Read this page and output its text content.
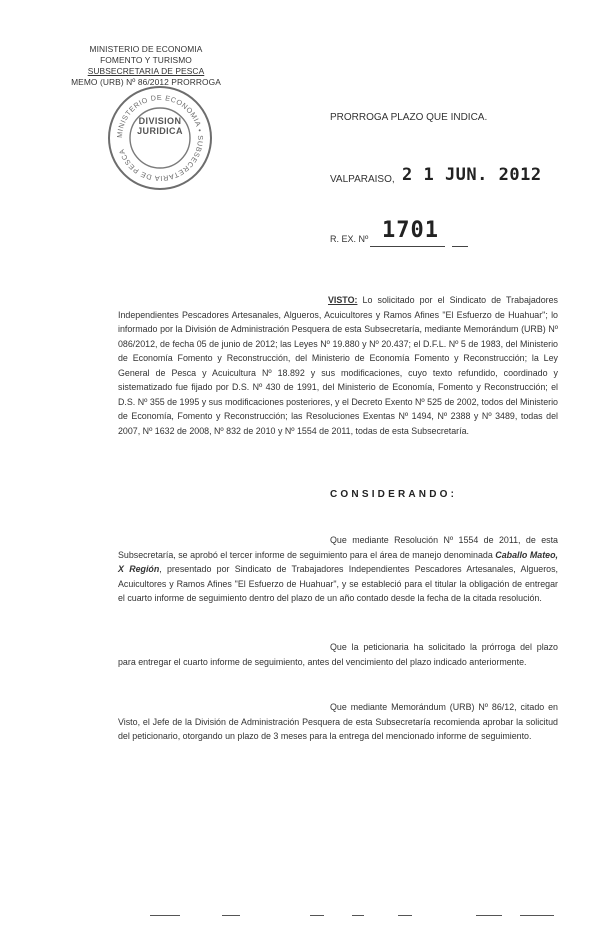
MINISTERIO DE ECONOMIA
FOMENTO Y TURISMO
SUBSECRETARIA DE PESCA
MEMO (URB) Nº 86/2012 PRORROGA
MINISTERIO DE ECONOMIA • SUBSECRETARIA DE PESCA
DIVISION
JURIDICA
PRORROGA PLAZO QUE INDICA.
VALPARAISO, 2 1 JUN. 2012
R. EX. Nº 1701
VISTO: Lo solicitado por el Sindicato de Trabajadores Independientes Pescadores Artesanales, Algueros, Acuicultores y Ramos Afines "El Esfuerzo de Huahuar"; lo informado por la División de Administración Pesquera de esta Subsecretaría, mediante Memorándum (URB) Nº 086/2012, de fecha 05 de junio de 2012; las Leyes Nº 19.880 y Nº 20.437; el D.F.L. Nº 5 de 1983, del Ministerio de Economía Fomento y Reconstrucción, del Ministerio de Economía Fomento y Reconstrucción; la Ley General de Pesca y Acuicultura Nº 18.892 y sus modificaciones, cuyo texto refundido, coordinado y sistematizado fue fijado por D.S. Nº 430 de 1991, del Ministerio de Economía, Fomento y Reconstrucción; el D.S. Nº 355 de 1995 y sus modificaciones posteriores, y el Decreto Exento Nº 525 de 2002, todos del Ministerio de Economía, Fomento y Reconstrucción; las Resoluciones Exentas Nº 1494, Nº 2388 y Nº 3489, todas del 2007, Nº 1632 de 2008, Nº 832 de 2010 y Nº 1554 de 2011, todas de esta Subsecretaría.
CONSIDERANDO:
Que mediante Resolución Nº 1554 de 2011, de esta Subsecretaría, se aprobó el tercer informe de seguimiento para el área de manejo denominada Caballo Mateo, X Región, presentado por Sindicato de Trabajadores Independientes Pescadores Artesanales, Algueros, Acuicultores y Ramos Afines "El Esfuerzo de Huahuar", y se estableció para el titular la obligación de entregar el cuarto informe de seguimiento dentro del plazo de un año contado desde la fecha de la citada resolución.
Que la peticionaria ha solicitado la prórroga del plazo para entregar el cuarto informe de seguimiento, antes del vencimiento del plazo indicado anteriormente.
Que mediante Memorándum (URB) Nº 86/12, citado en Visto, el Jefe de la División de Administración Pesquera de esta Subsecretaría recomienda aprobar la solicitud del peticionario, otorgando un plazo de 3 meses para la entrega del mencionado informe de seguimiento.
